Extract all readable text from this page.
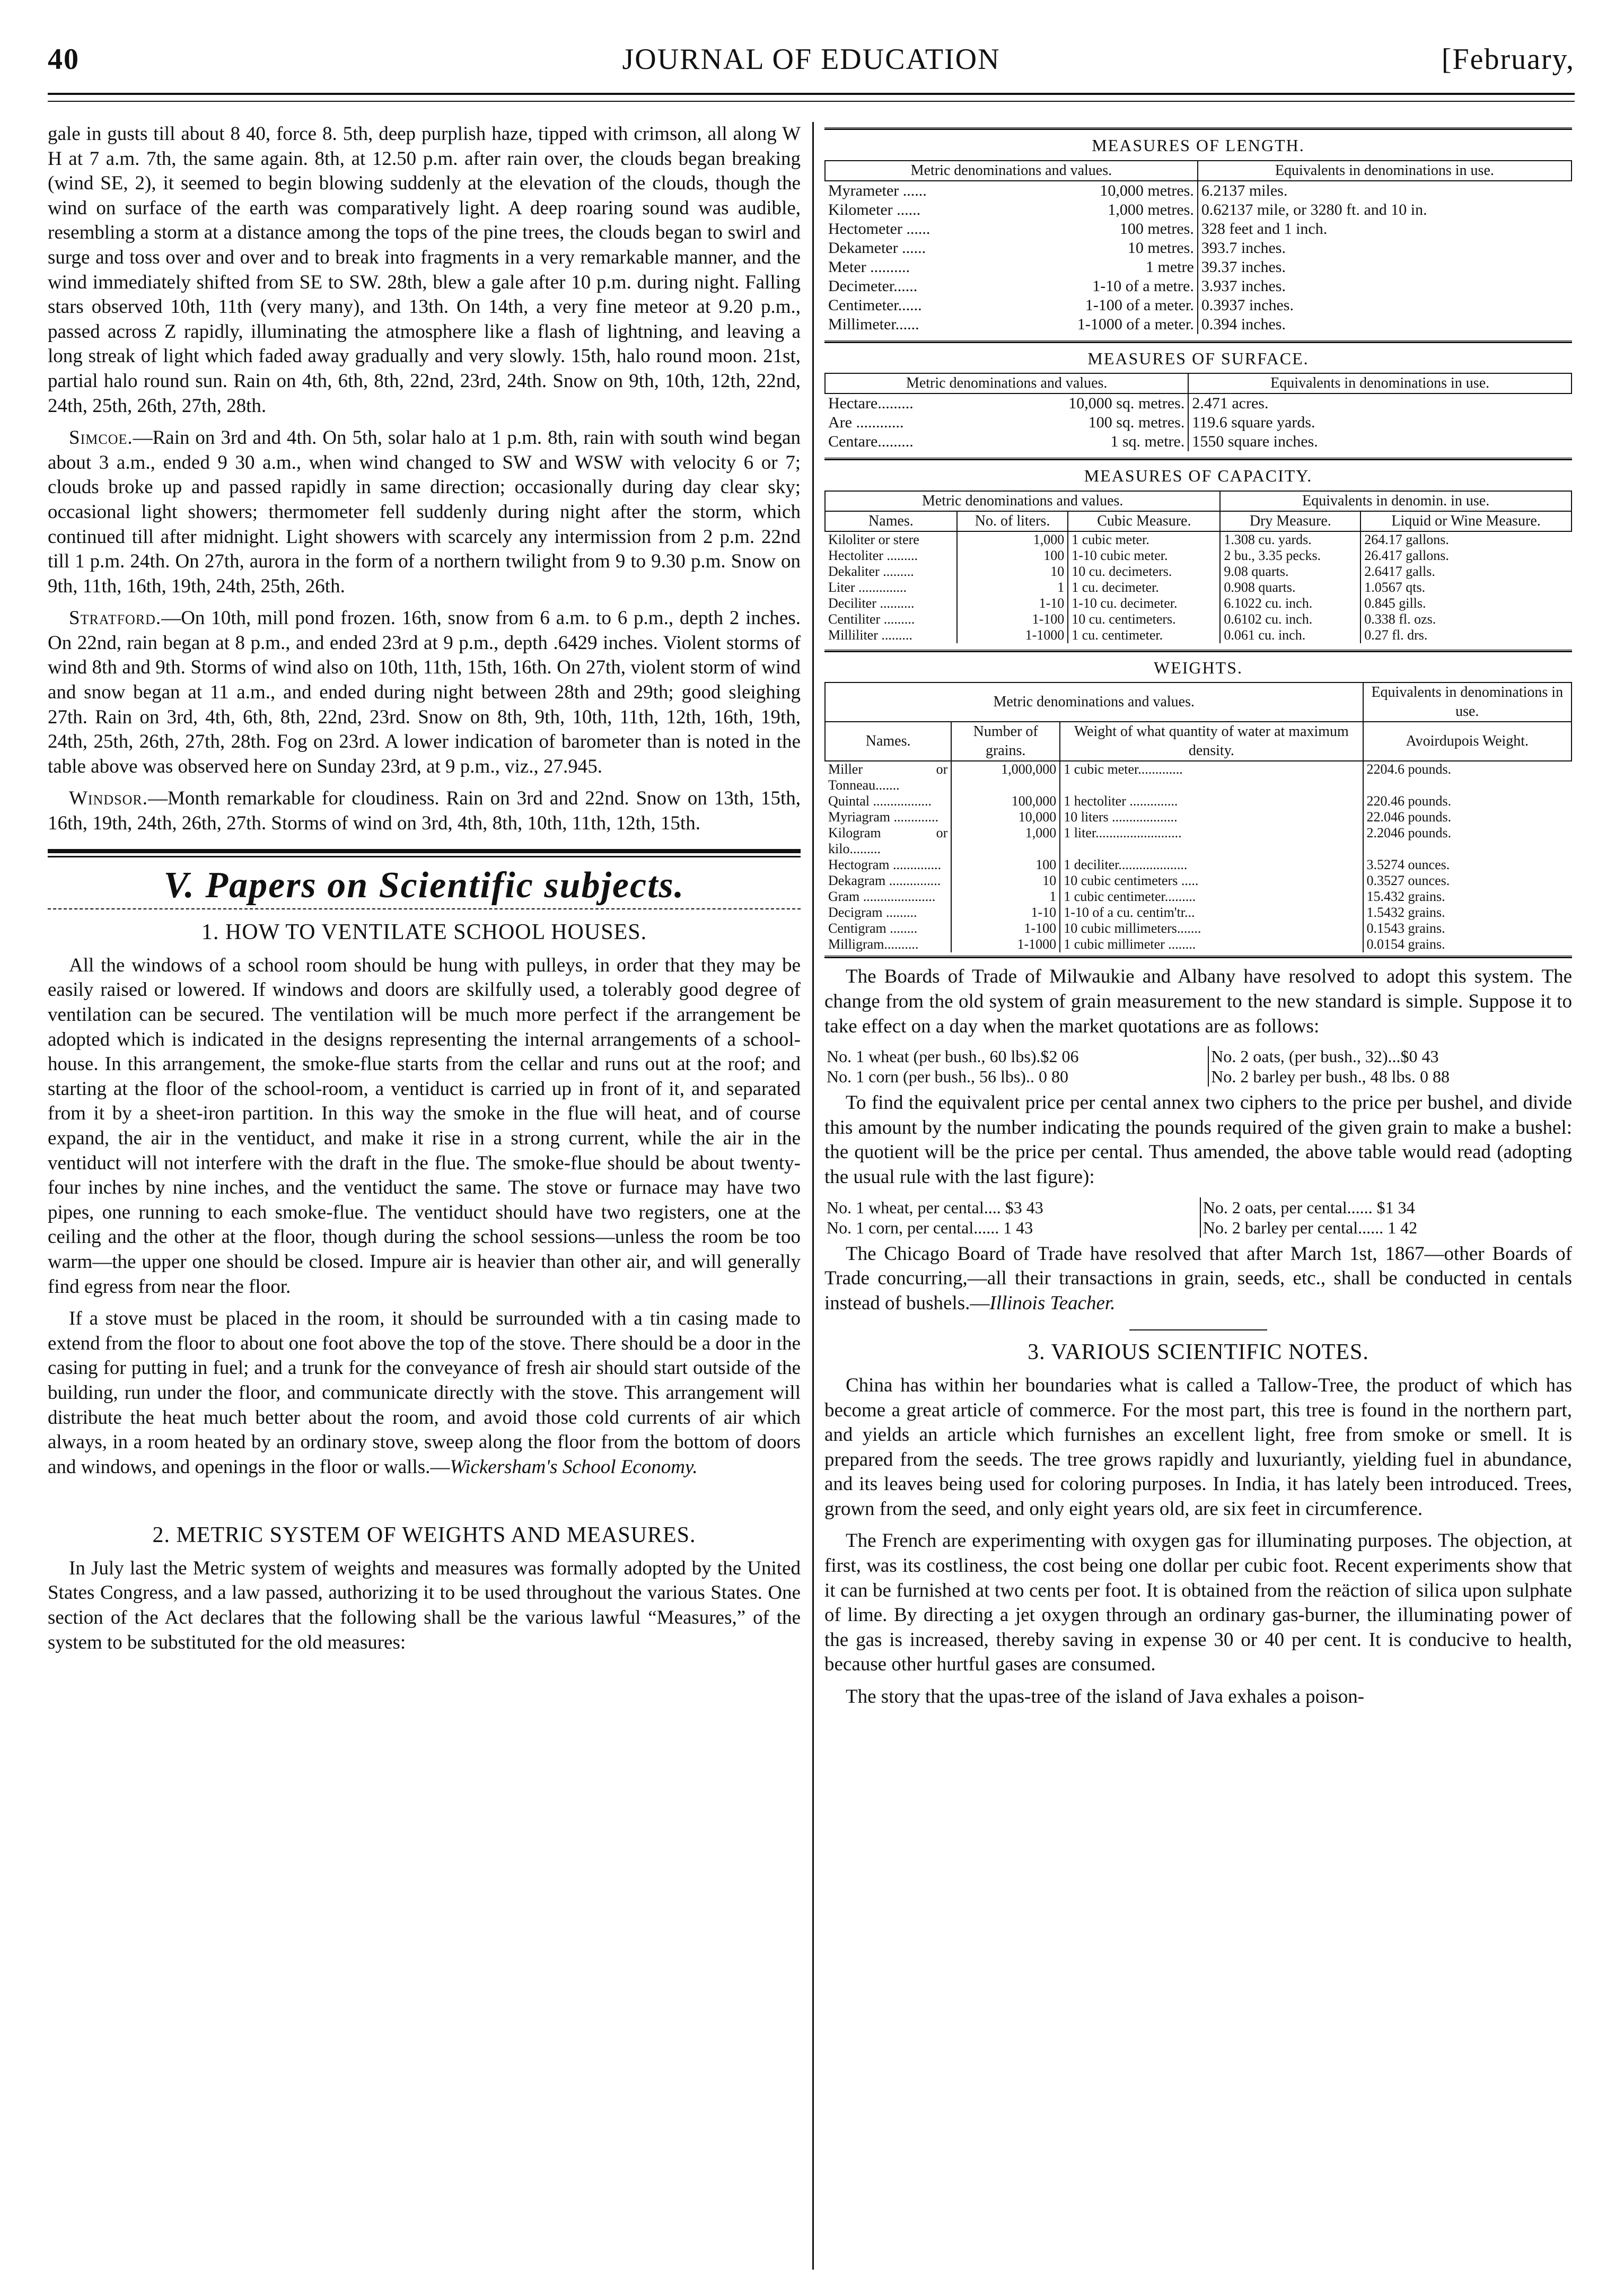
40	JOURNAL OF EDUCATION	[February,

gale in gusts till about 8 40, force 8. 5th, deep purplish haze, tipped with crimson, all along W H at 7 a.m. 7th, the same again. 8th, at 12.50 p.m. after rain over, the clouds began breaking (wind SE, 2), it seemed to begin blowing suddenly at the elevation of the clouds, though the wind on surface of the earth was comparatively light. A deep roaring sound was audible, resembling a storm at a distance among the tops of the pine trees, the clouds began to swirl and surge and toss over and over and to break into fragments in a very remarkable manner, and the wind immediately shifted from SE to SW. 28th, blew a gale after 10 p.m. during night. Falling stars observed 10th, 11th (very many), and 13th. On 14th, a very fine meteor at 9.20 p.m., passed across Z rapidly, illuminating the atmosphere like a flash of lightning, and leaving a long streak of light which faded away gradually and very slowly. 15th, halo round moon. 21st, partial halo round sun. Rain on 4th, 6th, 8th, 22nd, 23rd, 24th. Snow on 9th, 10th, 12th, 22nd, 24th, 25th, 26th, 27th, 28th.

Simcoe.—Rain on 3rd and 4th. On 5th, solar halo at 1 p.m. 8th, rain with south wind began about 3 a.m., ended 9 30 a.m., when wind changed to SW and WSW with velocity 6 or 7; clouds broke up and passed rapidly in same direction; occasionally during day clear sky; occasional light showers; thermometer fell suddenly during night after the storm, which continued till after midnight. Light showers with scarcely any intermission from 2 p.m. 22nd till 1 p.m. 24th. On 27th, aurora in the form of a northern twilight from 9 to 9.30 p.m. Snow on 9th, 11th, 16th, 19th, 24th, 25th, 26th.

Stratford.—On 10th, mill pond frozen. 16th, snow from 6 a.m. to 6 p.m., depth 2 inches. On 22nd, rain began at 8 p.m., and ended 23rd at 9 p.m., depth .6429 inches. Violent storms of wind 8th and 9th. Storms of wind also on 10th, 11th, 15th, 16th. On 27th, violent storm of wind and snow began at 11 a.m., and ended during night between 28th and 29th; good sleighing 27th. Rain on 3rd, 4th, 6th, 8th, 22nd, 23rd. Snow on 8th, 9th, 10th, 11th, 12th, 16th, 19th, 24th, 25th, 26th, 27th, 28th. Fog on 23rd. A lower indication of barometer than is noted in the table above was observed here on Sunday 23rd, at 9 p.m., viz., 27.945.

Windsor.—Month remarkable for cloudiness. Rain on 3rd and 22nd. Snow on 13th, 15th, 16th, 19th, 24th, 26th, 27th. Storms of wind on 3rd, 4th, 8th, 10th, 11th, 12th, 15th.

V. Papers on Scientific subjects.
1. HOW TO VENTILATE SCHOOL HOUSES.

All the windows of a school room should be hung with pulleys, in order that they may be easily raised or lowered. If windows and doors are skilfully used, a tolerably good degree of ventilation can be secured. The ventilation will be much more perfect if the arrangement be adopted which is indicated in the designs representing the internal arrangements of a school-house. In this arrangement, the smoke-flue starts from the cellar and runs out at the roof; and starting at the floor of the school-room, a ventiduct is carried up in front of it, and separated from it by a sheet-iron partition. In this way the smoke in the flue will heat, and of course expand, the air in the ventiduct, and make it rise in a strong current, while the air in the ventiduct will not interfere with the draft in the flue. The smoke-flue should be about twenty-four inches by nine inches, and the ventiduct the same. The stove or furnace may have two pipes, one running to each smoke-flue. The ventiduct should have two registers, one at the ceiling and the other at the floor, though during the school sessions—unless the room be too warm—the upper one should be closed. Impure air is heavier than other air, and will generally find egress from near the floor.

If a stove must be placed in the room, it should be surrounded with a tin casing made to extend from the floor to about one foot above the top of the stove. There should be a door in the casing for putting in fuel; and a trunk for the conveyance of fresh air should start outside of the building, run under the floor, and communicate directly with the stove. This arrangement will distribute the heat much better about the room, and avoid those cold currents of air which always, in a room heated by an ordinary stove, sweep along the floor from the bottom of doors and windows, and openings in the floor or walls.—Wickersham's School Economy.

2. METRIC SYSTEM OF WEIGHTS AND MEASURES.

In July last the Metric system of weights and measures was formally adopted by the United States Congress, and a law passed, authorizing it to be used throughout the various States. One section of the Act declares that the following shall be the various lawful “Measures,” of the system to be substituted for the old measures:

MEASURES OF LENGTH.
Metric denominations and values.		Equivalents in denominations in use.
Myrameter ......	10,000 metres.	6.2137 miles.
Kilometer ......	1,000 metres.	0.62137 mile, or 3280 ft. and 10 in.
Hectometer ......	100 metres.	328 feet and 1 inch.
Dekameter ......	10 metres.	393.7 inches.
Meter ..........	1 metre	39.37 inches.
Decimeter......	1-10 of a metre.	3.937 inches.
Centimeter......	1-100 of a meter.	0.3937 inches.
Millimeter......	1-1000 of a meter.	0.394 inches.
MEASURES OF SURFACE.
Metric denominations and values.		Equivalents in denominations in use.
Hectare.........	10,000 sq. metres.	2.471 acres.
Are ............	100 sq. metres.	119.6 square yards.
Centare.........	1 sq. metre.	1550 square inches.
MEASURES OF CAPACITY.
Metric denominations and values.			Equivalents in denomin. in use.	
Names.	No. of liters.	Cubic Measure.	Dry Measure.	Liquid or Wine Measure.
Kiloliter or stere	1,000	1 cubic meter.	1.308 cu. yards.	264.17 gallons.
Hectoliter .........	100	1-10 cubic meter.	2 bu., 3.35 pecks.	26.417 gallons.
Dekaliter .........	10	10 cu. decimeters.	9.08 quarts.	2.6417 galls.
Liter ..............	1	1 cu. decimeter.	0.908 quarts.	1.0567 qts.
Deciliter ..........	1-10	1-10 cu. decimeter.	6.1022 cu. inch.	0.845 gills.
Centiliter .........	1-100	10 cu. centimeters.	0.6102 cu. inch.	0.338 fl. ozs.
Milliliter .........	1-1000	1 cu. centimeter.	0.061 cu. inch.	0.27 fl. drs.
WEIGHTS.
Metric denominations and values.			Equivalents in denominations in use.
Names.	Number of grains.	Weight of what quantity of water at maximum density.	Avoirdupois Weight.
Miller or Tonneau.......	1,000,000	1 cubic meter.............	2204.6 pounds.
Quintal .................	100,000	1 hectoliter ..............	220.46 pounds.
Myriagram .............	10,000	10 liters ...................	22.046 pounds.
Kilogram or kilo.........	1,000	1 liter.........................	2.2046 pounds.
Hectogram ..............	100	1 deciliter....................	3.5274 ounces.
Dekagram ...............	10	10 cubic centimeters .....	0.3527 ounces.
Gram .....................	1	1 cubic centimeter.........	15.432 grains.
Decigram .........	1-10	1-10 of a cu. centim'tr...	1.5432 grains.
Centigram ........	1-100	10 cubic millimeters.......	0.1543 grains.
Milligram..........	1-1000	1 cubic millimeter ........	0.0154 grains.

The Boards of Trade of Milwaukie and Albany have resolved to adopt this system. The change from the old system of grain measurement to the new standard is simple. Suppose it to take effect on a day when the market quotations are as follows:

No. 1 wheat (per bush., 60 lbs).$2 06	No. 2 oats, (per bush., 32)...$0 43
No. 1 corn (per bush., 56 lbs).. 0 80	No. 2 barley per bush., 48 lbs. 0 88

To find the equivalent price per cental annex two ciphers to the price per bushel, and divide this amount by the number indicating the pounds required of the given grain to make a bushel: the quotient will be the price per cental. Thus amended, the above table would read (adopting the usual rule with the last figure):

No. 1 wheat, per cental.... $3 43	No. 2 oats, per cental...... $1 34
No. 1 corn, per cental...... 1 43	No. 2 barley per cental...... 1 42

The Chicago Board of Trade have resolved that after March 1st, 1867—other Boards of Trade concurring,—all their transactions in grain, seeds, etc., shall be conducted in centals instead of bushels.—Illinois Teacher.

3. VARIOUS SCIENTIFIC NOTES.

China has within her boundaries what is called a Tallow-Tree, the product of which has become a great article of commerce. For the most part, this tree is found in the northern part, and yields an article which furnishes an excellent light, free from smoke or smell. It is prepared from the seeds. The tree grows rapidly and luxuriantly, yielding fuel in abundance, and its leaves being used for coloring purposes. In India, it has lately been introduced. Trees, grown from the seed, and only eight years old, are six feet in circumference.

The French are experimenting with oxygen gas for illuminating purposes. The objection, at first, was its costliness, the cost being one dollar per cubic foot. Recent experiments show that it can be furnished at two cents per foot. It is obtained from the reäction of silica upon sulphate of lime. By directing a jet oxygen through an ordinary gas-burner, the illuminating power of the gas is increased, thereby saving in expense 30 or 40 per cent. It is conducive to health, because other hurtful gases are consumed.

The story that the upas-tree of the island of Java exhales a poison-
